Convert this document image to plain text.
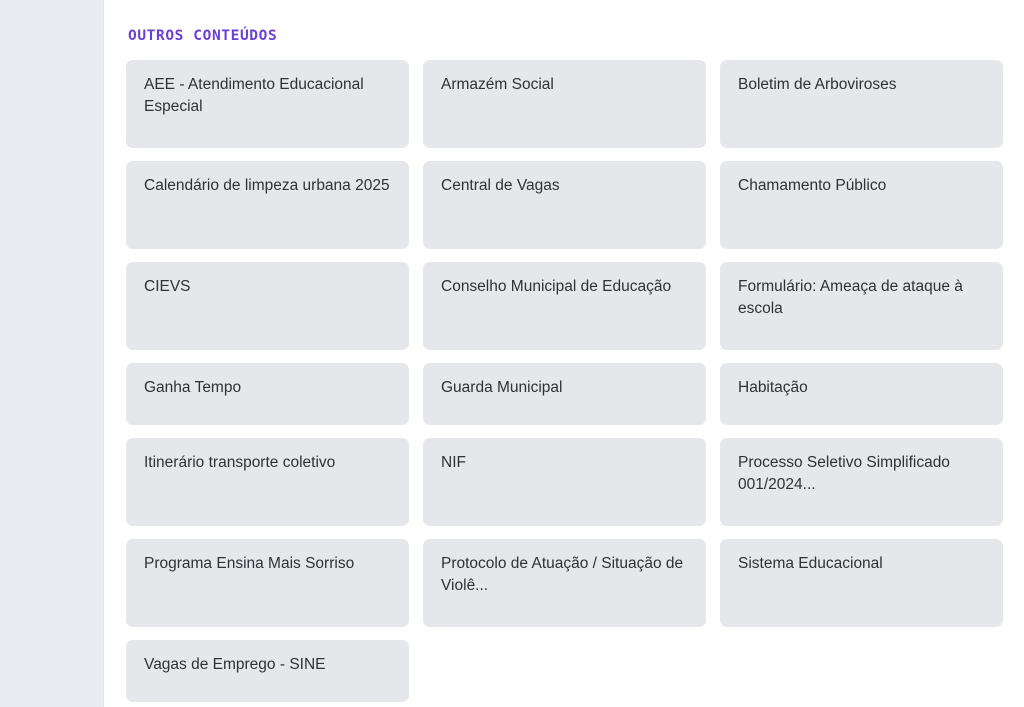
OUTROS CONTEÚDOS
AEE - Atendimento Educacional Especial
Armazém Social	Boletim de Arboviroses
Calendário de limpeza urbana 2025	Central de Vagas	Chamamento Público
CIEVS	Conselho Municipal de Educação	Formulário: Ameaça de ataque à escola
Ganha Tempo	Guarda Municipal	Habitação
Itinerário transporte coletivo	NIF	Processo Seletivo Simplificado 001/2024...
Programa Ensina Mais Sorriso	Protocolo de Atuação / Situação de Violê...
Sistema Educacional
Vagas de Emprego - SINE
